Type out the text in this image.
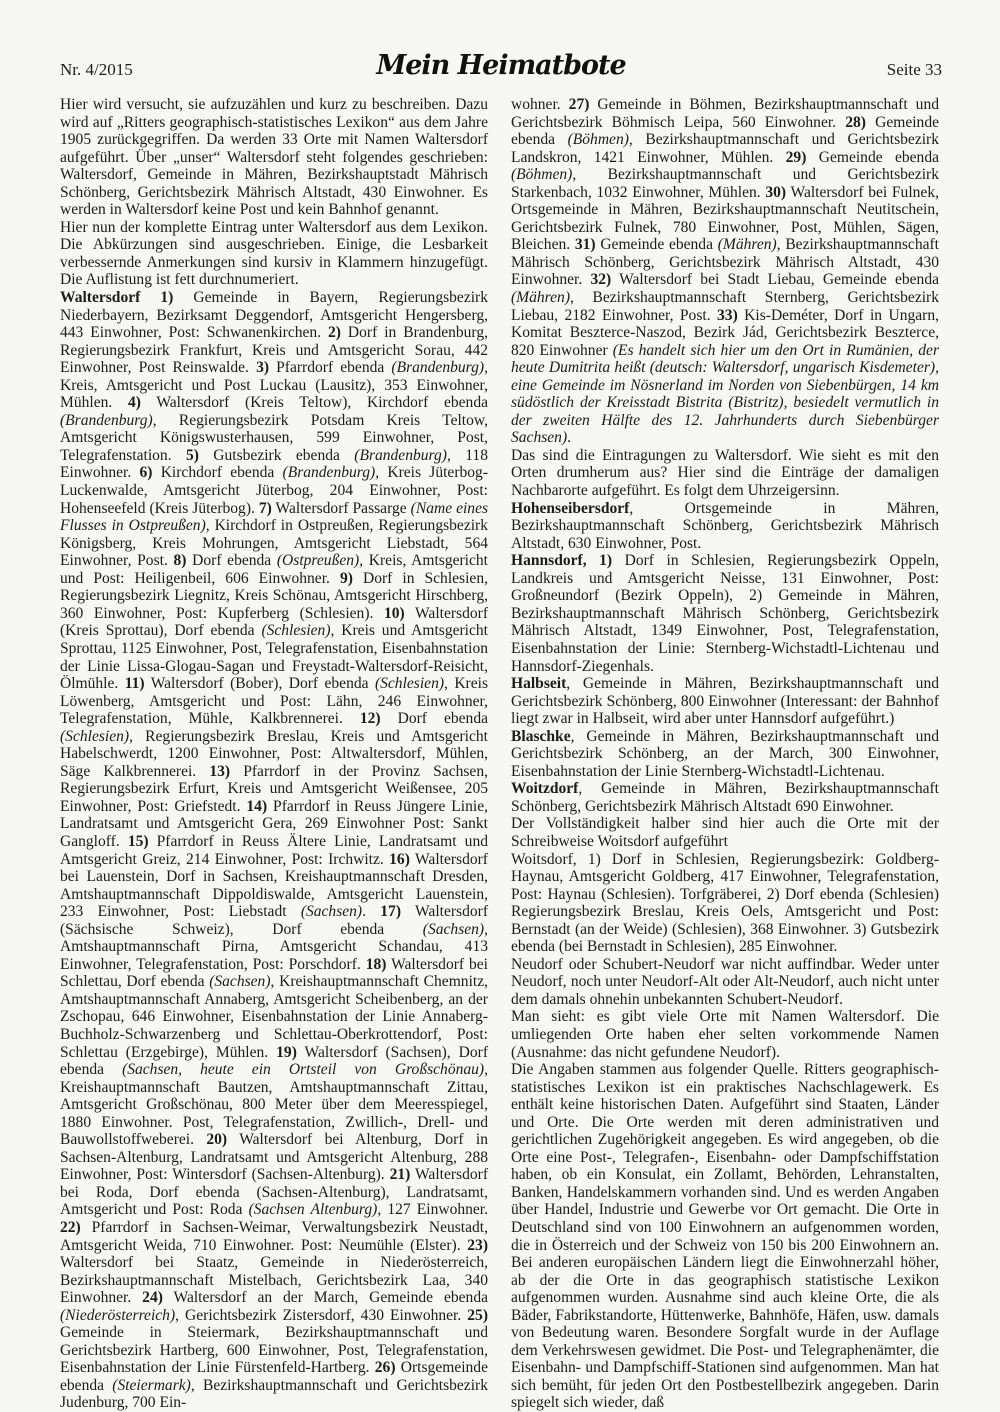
Nr. 4/2015	Mein Heimatbote	Seite 33

Hier wird versucht, sie aufzuzählen und kurz zu beschreiben. Dazu wird auf „Ritters geographisch-statistisches Lexikon“ aus dem Jahre 1905 zurückgegriffen. Da werden 33 Orte mit Namen Waltersdorf aufgeführt. Über „unser“ Waltersdorf steht folgendes geschrieben: Waltersdorf, Gemeinde in Mähren, Bezirkshauptstadt Mährisch Schönberg, Gerichtsbezirk Mährisch Altstadt, 430 Einwohner. Es werden in Waltersdorf keine Post und kein Bahnhof genannt.

Hier nun der komplette Eintrag unter Waltersdorf aus dem Lexikon. Die Abkürzungen sind ausgeschrieben. Einige, die Lesbarkeit verbessernde Anmerkungen sind kursiv in Klammern hinzugefügt. Die Auflistung ist fett durchnumeriert.

Waltersdorf 1) Gemeinde in Bayern, Regierungsbezirk Niederbayern, Bezirksamt Deggendorf, Amtsgericht Hengersberg, 443 Einwohner, Post: Schwanenkirchen. 2) Dorf in Brandenburg, Regierungsbezirk Frankfurt, Kreis und Amtsgericht Sorau, 442 Einwohner, Post Reinswalde. 3) Pfarrdorf ebenda (Brandenburg), Kreis, Amtsgericht und Post Luckau (Lausitz), 353 Einwohner, Mühlen. 4) Waltersdorf (Kreis Teltow), Kirchdorf ebenda (Brandenburg), Regierungsbezirk Potsdam Kreis Teltow, Amtsgericht Königswusterhausen, 599 Einwohner, Post, Telegrafenstation. 5) Gutsbezirk ebenda (Brandenburg), 118 Einwohner. 6) Kirchdorf ebenda (Brandenburg), Kreis Jüterbog-Luckenwalde, Amtsgericht Jüterbog, 204 Einwohner, Post: Hohenseefeld (Kreis Jüterbog). 7) Waltersdorf Passarge (Name eines Flusses in Ostpreußen), Kirchdorf in Ostpreußen, Regierungsbezirk Königsberg, Kreis Mohrungen, Amtsgericht Liebstadt, 564 Einwohner, Post. 8) Dorf ebenda (Ostpreußen), Kreis, Amtsgericht und Post: Heiligenbeil, 606 Einwohner. 9) Dorf in Schlesien, Regierungsbezirk Liegnitz, Kreis Schönau, Amtsgericht Hirschberg, 360 Einwohner, Post: Kupferberg (Schlesien). 10) Waltersdorf (Kreis Sprottau), Dorf ebenda (Schlesien), Kreis und Amtsgericht Sprottau, 1125 Einwohner, Post, Telegrafenstation, Eisenbahnstation der Linie Lissa-Glogau-Sagan und Freystadt-Waltersdorf-Reisicht, Ölmühle. 11) Waltersdorf (Bober), Dorf ebenda (Schlesien), Kreis Löwenberg, Amtsgericht und Post: Lähn, 246 Einwohner, Telegrafenstation, Mühle, Kalkbrennerei. 12) Dorf ebenda (Schlesien), Regierungsbezirk Breslau, Kreis und Amtsgericht Habelschwerdt, 1200 Einwohner, Post: Altwaltersdorf, Mühlen, Säge Kalkbrennerei. 13) Pfarrdorf in der Provinz Sachsen, Regierungsbezirk Erfurt, Kreis und Amtsgericht Weißensee, 205 Einwohner, Post: Griefstedt. 14) Pfarrdorf in Reuss Jüngere Linie, Landratsamt und Amtsgericht Gera, 269 Einwohner Post: Sankt Gangloff. 15) Pfarrdorf in Reuss Ältere Linie, Landratsamt und Amtsgericht Greiz, 214 Einwohner, Post: Irchwitz. 16) Waltersdorf bei Lauenstein, Dorf in Sachsen, Kreishauptmannschaft Dresden, Amtshauptmannschaft Dippoldiswalde, Amtsgericht Lauenstein, 233 Einwohner, Post: Liebstadt (Sachsen). 17) Waltersdorf (Sächsische Schweiz), Dorf ebenda (Sachsen), Amtshauptmannschaft Pirna, Amtsgericht Schandau, 413 Einwohner, Telegrafenstation, Post: Porschdorf. 18) Waltersdorf bei Schlettau, Dorf ebenda (Sachsen), Kreishauptmannschaft Chemnitz, Amtshauptmannschaft Annaberg, Amtsgericht Scheibenberg, an der Zschopau, 646 Einwohner, Eisenbahnstation der Linie Annaberg-Buchholz-Schwarzenberg und Schlettau-Oberkrottendorf, Post: Schlettau (Erzgebirge), Mühlen. 19) Waltersdorf (Sachsen), Dorf ebenda (Sachsen, heute ein Ortsteil von Großschönau), Kreishauptmannschaft Bautzen, Amtshauptmannschaft Zittau, Amtsgericht Großschönau, 800 Meter über dem Meeresspiegel, 1880 Einwohner. Post, Telegrafenstation, Zwillich-, Drell- und Bauwollstoffweberei. 20) Waltersdorf bei Altenburg, Dorf in Sachsen-Altenburg, Landratsamt und Amtsgericht Altenburg, 288 Einwohner, Post: Wintersdorf (Sachsen-Altenburg). 21) Waltersdorf bei Roda, Dorf ebenda (Sachsen-Altenburg), Landratsamt, Amtsgericht und Post: Roda (Sachsen Altenburg), 127 Einwohner. 22) Pfarrdorf in Sachsen-Weimar, Verwaltungsbezirk Neustadt, Amtsgericht Weida, 710 Einwohner. Post: Neumühle (Elster). 23) Waltersdorf bei Staatz, Gemeinde in Niederösterreich, Bezirkshauptmannschaft Mistelbach, Gerichtsbezirk Laa, 340 Einwohner. 24) Waltersdorf an der March, Gemeinde ebenda (Niederösterreich), Gerichtsbezirk Zistersdorf, 430 Einwohner. 25) Gemeinde in Steiermark, Bezirkshauptmannschaft und Gerichtsbezirk Hartberg, 600 Einwohner, Post, Telegrafenstation, Eisenbahnstation der Linie Fürstenfeld-Hartberg. 26) Ortsgemeinde ebenda (Steiermark), Bezirkshauptmannschaft und Gerichtsbezirk Judenburg, 700 Ein-

wohner. 27) Gemeinde in Böhmen, Bezirkshauptmannschaft und Gerichtsbezirk Böhmisch Leipa, 560 Einwohner. 28) Gemeinde ebenda (Böhmen), Bezirkshauptmannschaft und Gerichtsbezirk Landskron, 1421 Einwohner, Mühlen. 29) Gemeinde ebenda (Böhmen), Bezirkshauptmannschaft und Gerichtsbezirk Starkenbach, 1032 Einwohner, Mühlen. 30) Waltersdorf bei Fulnek, Ortsgemeinde in Mähren, Bezirkshauptmannschaft Neutitschein, Gerichtsbezirk Fulnek, 780 Einwohner, Post, Mühlen, Sägen, Bleichen. 31) Gemeinde ebenda (Mähren), Bezirkshauptmannschaft Mährisch Schönberg, Gerichtsbezirk Mährisch Altstadt, 430 Einwohner. 32) Waltersdorf bei Stadt Liebau, Gemeinde ebenda (Mähren), Bezirkshauptmannschaft Sternberg, Gerichtsbezirk Liebau, 2182 Einwohner, Post. 33) Kis-Deméter, Dorf in Ungarn, Komitat Beszterce-Naszod, Bezirk Jád, Gerichtsbezirk Beszterce, 820 Einwohner (Es handelt sich hier um den Ort in Rumänien, der heute Dumitrita heißt (deutsch: Waltersdorf, ungarisch Kisdemeter), eine Gemeinde im Nösnerland im Norden von Siebenbürgen, 14 km südöstlich der Kreisstadt Bistrita (Bistritz), besiedelt vermutlich in der zweiten Hälfte des 12. Jahrhunderts durch Siebenbürger Sachsen).

Das sind die Eintragungen zu Waltersdorf. Wie sieht es mit den Orten drumherum aus? Hier sind die Einträge der damaligen Nachbarorte aufgeführt. Es folgt dem Uhrzeigersinn.

Hohenseibersdorf, Ortsgemeinde in Mähren, Bezirkshauptmannschaft Schönberg, Gerichtsbezirk Mährisch Altstadt, 630 Einwohner, Post.

Hannsdorf, 1) Dorf in Schlesien, Regierungsbezirk Oppeln, Landkreis und Amtsgericht Neisse, 131 Einwohner, Post: Großneundorf (Bezirk Oppeln), 2) Gemeinde in Mähren, Bezirkshauptmannschaft Mährisch Schönberg, Gerichtsbezirk Mährisch Altstadt, 1349 Einwohner, Post, Telegrafenstation, Eisenbahnstation der Linie: Sternberg-Wichstadtl-Lichtenau und Hannsdorf-Ziegenhals.

Halbseit, Gemeinde in Mähren, Bezirkshauptmannschaft und Gerichtsbezirk Schönberg, 800 Einwohner (Interessant: der Bahnhof liegt zwar in Halbseit, wird aber unter Hannsdorf aufgeführt.)

Blaschke, Gemeinde in Mähren, Bezirkshauptmannschaft und Gerichtsbezirk Schönberg, an der March, 300 Einwohner, Eisenbahnstation der Linie Sternberg-Wichstadtl-Lichtenau.

Woitzdorf, Gemeinde in Mähren, Bezirkshauptmannschaft Schönberg, Gerichtsbezirk Mährisch Altstadt 690 Einwohner.

Der Vollständigkeit halber sind hier auch die Orte mit der Schreibweise Woitsdorf aufgeführt

Woitsdorf, 1) Dorf in Schlesien, Regierungsbezirk: Goldberg-Haynau, Amtsgericht Goldberg, 417 Einwohner, Telegrafenstation, Post: Haynau (Schlesien). Torfgräberei, 2) Dorf ebenda (Schlesien) Regierungsbezirk Breslau, Kreis Oels, Amtsgericht und Post: Bernstadt (an der Weide) (Schlesien), 368 Einwohner. 3) Gutsbezirk ebenda (bei Bernstadt in Schlesien), 285 Einwohner.

Neudorf oder Schubert-Neudorf war nicht auffindbar. Weder unter Neudorf, noch unter Neudorf-Alt oder Alt-Neudorf, auch nicht unter dem damals ohnehin unbekannten Schubert-Neudorf.

Man sieht: es gibt viele Orte mit Namen Waltersdorf. Die umliegenden Orte haben eher selten vorkommende Namen (Ausnahme: das nicht gefundene Neudorf).

Die Angaben stammen aus folgender Quelle. Ritters geographisch-statistisches Lexikon ist ein praktisches Nachschlagewerk. Es enthält keine historischen Daten. Aufgeführt sind Staaten, Länder und Orte. Die Orte werden mit deren administrativen und gerichtlichen Zugehörigkeit angegeben. Es wird angegeben, ob die Orte eine Post-, Telegrafen-, Eisenbahn- oder Dampfschiffstation haben, ob ein Konsulat, ein Zollamt, Behörden, Lehranstalten, Banken, Handelskammern vorhanden sind. Und es werden Angaben über Handel, Industrie und Gewerbe vor Ort gemacht. Die Orte in Deutschland sind von 100 Einwohnern an aufgenommen worden, die in Österreich und der Schweiz von 150 bis 200 Einwohnern an. Bei anderen europäischen Ländern liegt die Einwohnerzahl höher, ab der die Orte in das geographisch statistische Lexikon aufgenommen wurden. Ausnahme sind auch kleine Orte, die als Bäder, Fabrikstandorte, Hüttenwerke, Bahnhöfe, Häfen, usw. damals von Bedeutung waren. Besondere Sorgfalt wurde in der Auflage dem Verkehrswesen gewidmet. Die Post- und Telegraphenämter, die Eisenbahn- und Dampfschiff-Stationen sind aufgenommen. Man hat sich bemüht, für jeden Ort den Postbestellbezirk angegeben. Darin spiegelt sich wieder, daß
